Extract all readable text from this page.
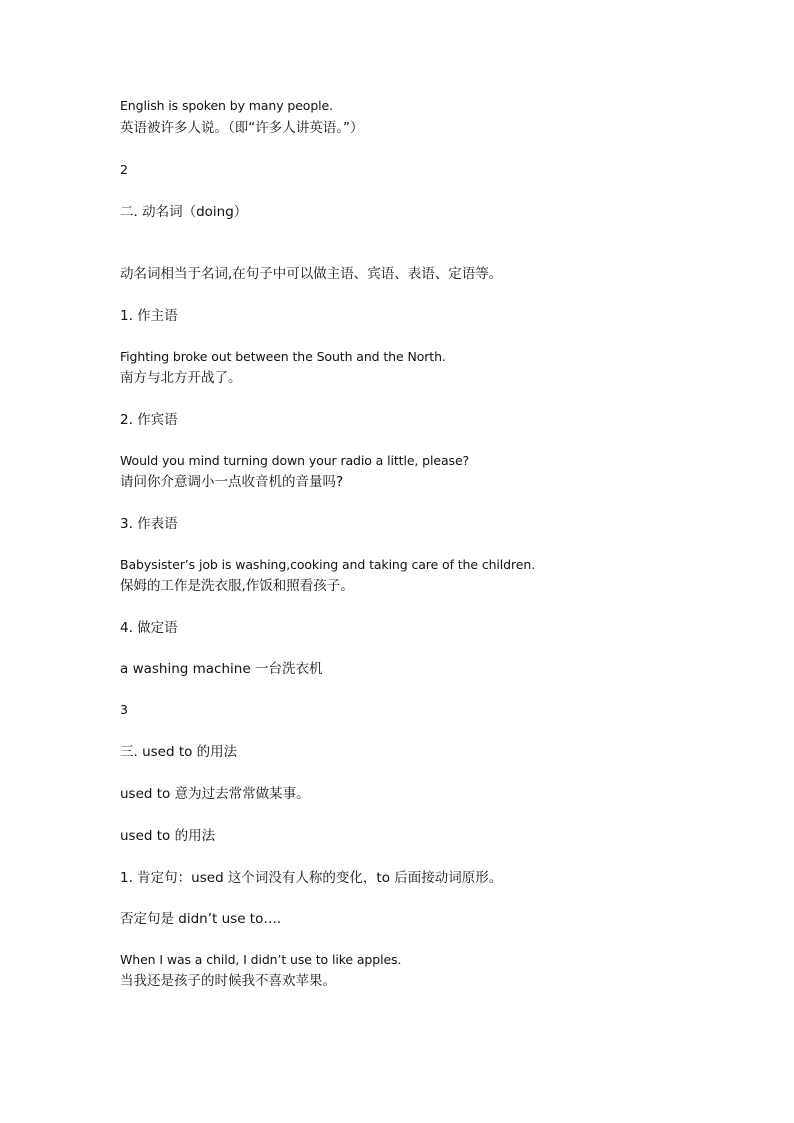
English is spoken by many people.
英语被许多人说。（即“许多人讲英语。”）
2
二. 动名词（doing）
动名词相当于名词,在句子中可以做主语、宾语、表语、定语等。
1. 作主语
Fighting broke out between the South and the North.
南方与北方开战了。
2. 作宾语
Would you mind turning down your radio a little, please?
请问你介意调小一点收音机的音量吗?
3. 作表语
Babysister’s job is washing,cooking and taking care of the children.
保姆的工作是洗衣服,作饭和照看孩子。
4. 做定语
a washing machine 一台洗衣机
3
三. used to 的用法
used to 意为过去常常做某事。
used to 的用法
1. 肯定句：used 这个词没有人称的变化，to 后面接动词原形。
否定句是 didn’t use to….
When I was a child, I didn’t use to like apples.
当我还是孩子的时候我不喜欢苹果。
